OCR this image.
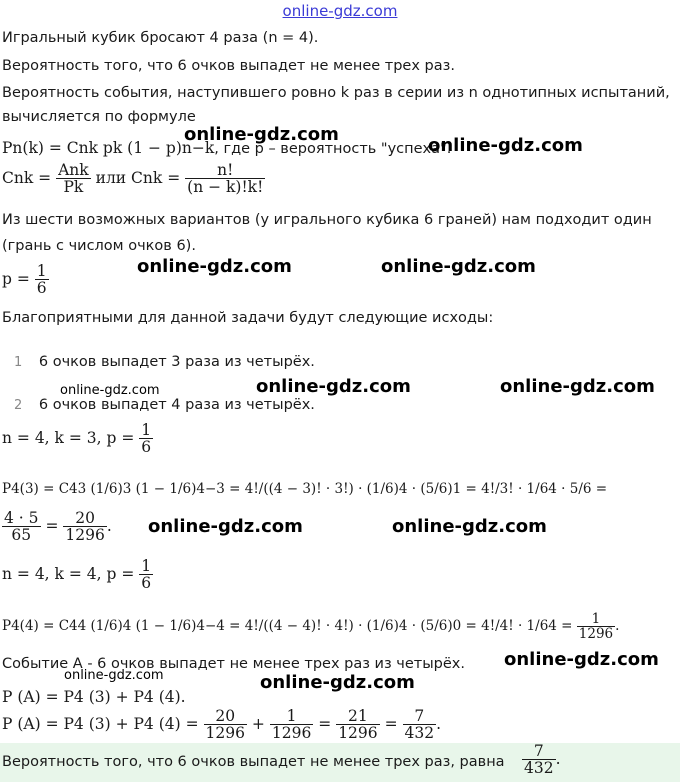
online-gdz.com
Игральный кубик бросают 4 раза (n = 4).
Вероятность того, что 6 очков выпадет не менее трех раз.
Вероятность события, наступившего ровно k раз в серии из n однотипных испытаний,
вычисляется по формуле
Pn(k) = Cnk pk (1 − p)n−k, где p – вероятность "успеха".
Cnk = $\frac{\text{Ank}}{Pk}$ или Cnk = $\frac{n!}{(n - k)!k!}$
Из шести возможных вариантов (у игрального кубика 6 граней) нам подходит один
(грань с числом очков 6).
$p = \frac{1}{6}$
Благоприятными для данной задачи будут следующие исходы:
1 6 очков выпадет 3 раза из четырёх.
2 6 очков выпадет 4 раза из четырёх.
n = 4, k = 3, $p = \frac{1}{6}$
P4(3) = C43 (1/6)3 (1 − 1/6)4−3 = 4!/((4 − 3)! · 3!) · (1/6)4 · (5/6)1 = 4!/3! · 1/64 · 5/6 =
$\frac{4 \cdot 5}{65} = \frac{20}{1296}$ .
n = 4, k = 4, $p = \frac{1}{6}$
P4(4) = C44 (1/6)4 (1 − 1/6)4−4 = 4!/((4 − 4)! · 4!) · (1/6)4 · (5/6)0 = 4!/4! · $1/64 = \frac{1}{1296}$ .
Событие A - 6 очков выпадет не менее трех раз из четырёх.
P (A) = P4 (3) + P4 (4).
P (A) = P4 (3) + P4 $(4) = \frac{20}{1296} + \frac{1}{1296} = \frac{21}{1296} = \frac{7}{432}$ .
Вероятность того, что 6 очков выпадет не менее трех раз, равна $\frac{7}{432}$ .
online-gdz.com
online-gdz.com
online-gdz.com	online-gdz.com
online-gdz.com	online-gdz.com	online-gdz.com
online-gdz.com	online-gdz.com
online-gdz.com
online-gdz.com	online-gdz.com
